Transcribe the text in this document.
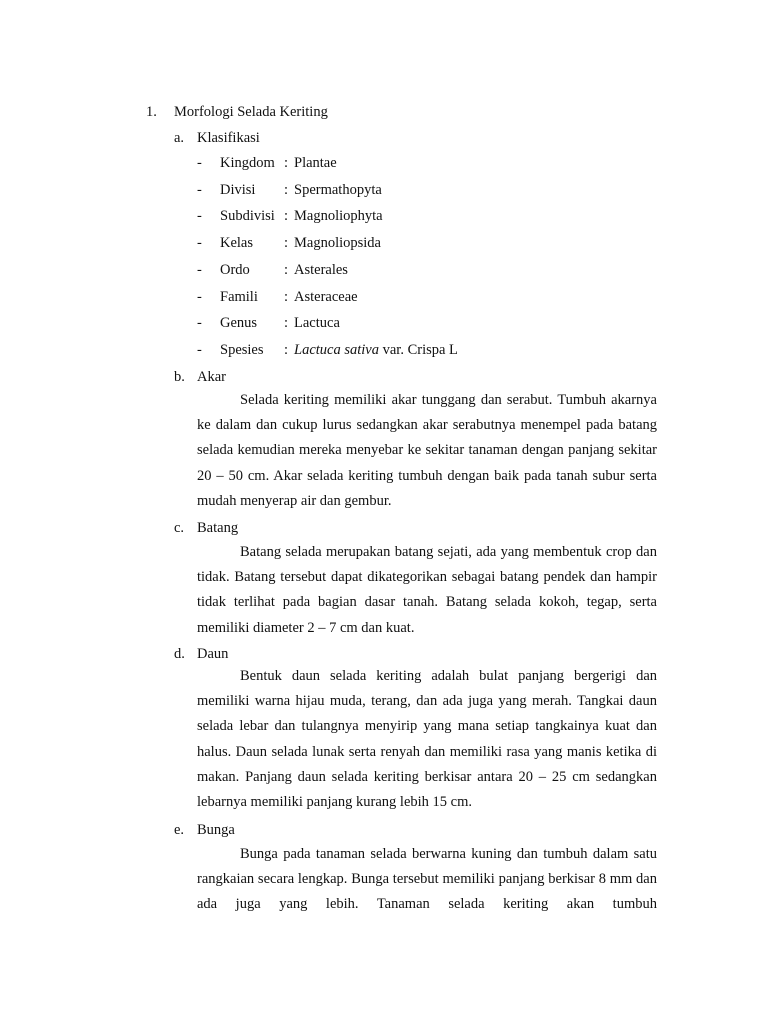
1. Morfologi Selada Keriting
a. Klasifikasi
- Kingdom : Plantae
- Divisi : Spermathopyta
- Subdivisi : Magnoliophyta
- Kelas : Magnoliopsida
- Ordo : Asterales
- Famili : Asteraceae
- Genus : Lactuca
- Spesies : Lactuca sativa var. Crispa L
b. Akar
Selada keriting memiliki akar tunggang dan serabut. Tumbuh akarnya ke dalam dan cukup lurus sedangkan akar serabutnya menempel pada batang selada kemudian mereka menyebar ke sekitar tanaman dengan panjang sekitar 20 – 50 cm. Akar selada keriting tumbuh dengan baik pada tanah subur serta mudah menyerap air dan gembur.
c. Batang
Batang selada merupakan batang sejati, ada yang membentuk crop dan tidak. Batang tersebut dapat dikategorikan sebagai batang pendek dan hampir tidak terlihat pada bagian dasar tanah. Batang selada kokoh, tegap, serta memiliki diameter 2 – 7 cm dan kuat.
d. Daun
Bentuk daun selada keriting adalah bulat panjang bergerigi dan memiliki warna hijau muda, terang, dan ada juga yang merah. Tangkai daun selada lebar dan tulangnya menyirip yang mana setiap tangkainya kuat dan halus. Daun selada lunak serta renyah dan memiliki rasa yang manis ketika di makan. Panjang daun selada keriting berkisar antara 20 – 25 cm sedangkan lebarnya memiliki panjang kurang lebih 15 cm.
e. Bunga
Bunga pada tanaman selada berwarna kuning dan tumbuh dalam satu rangkaian secara lengkap. Bunga tersebut memiliki panjang berkisar 8 mm dan ada juga yang lebih. Tanaman selada keriting akan tumbuh
